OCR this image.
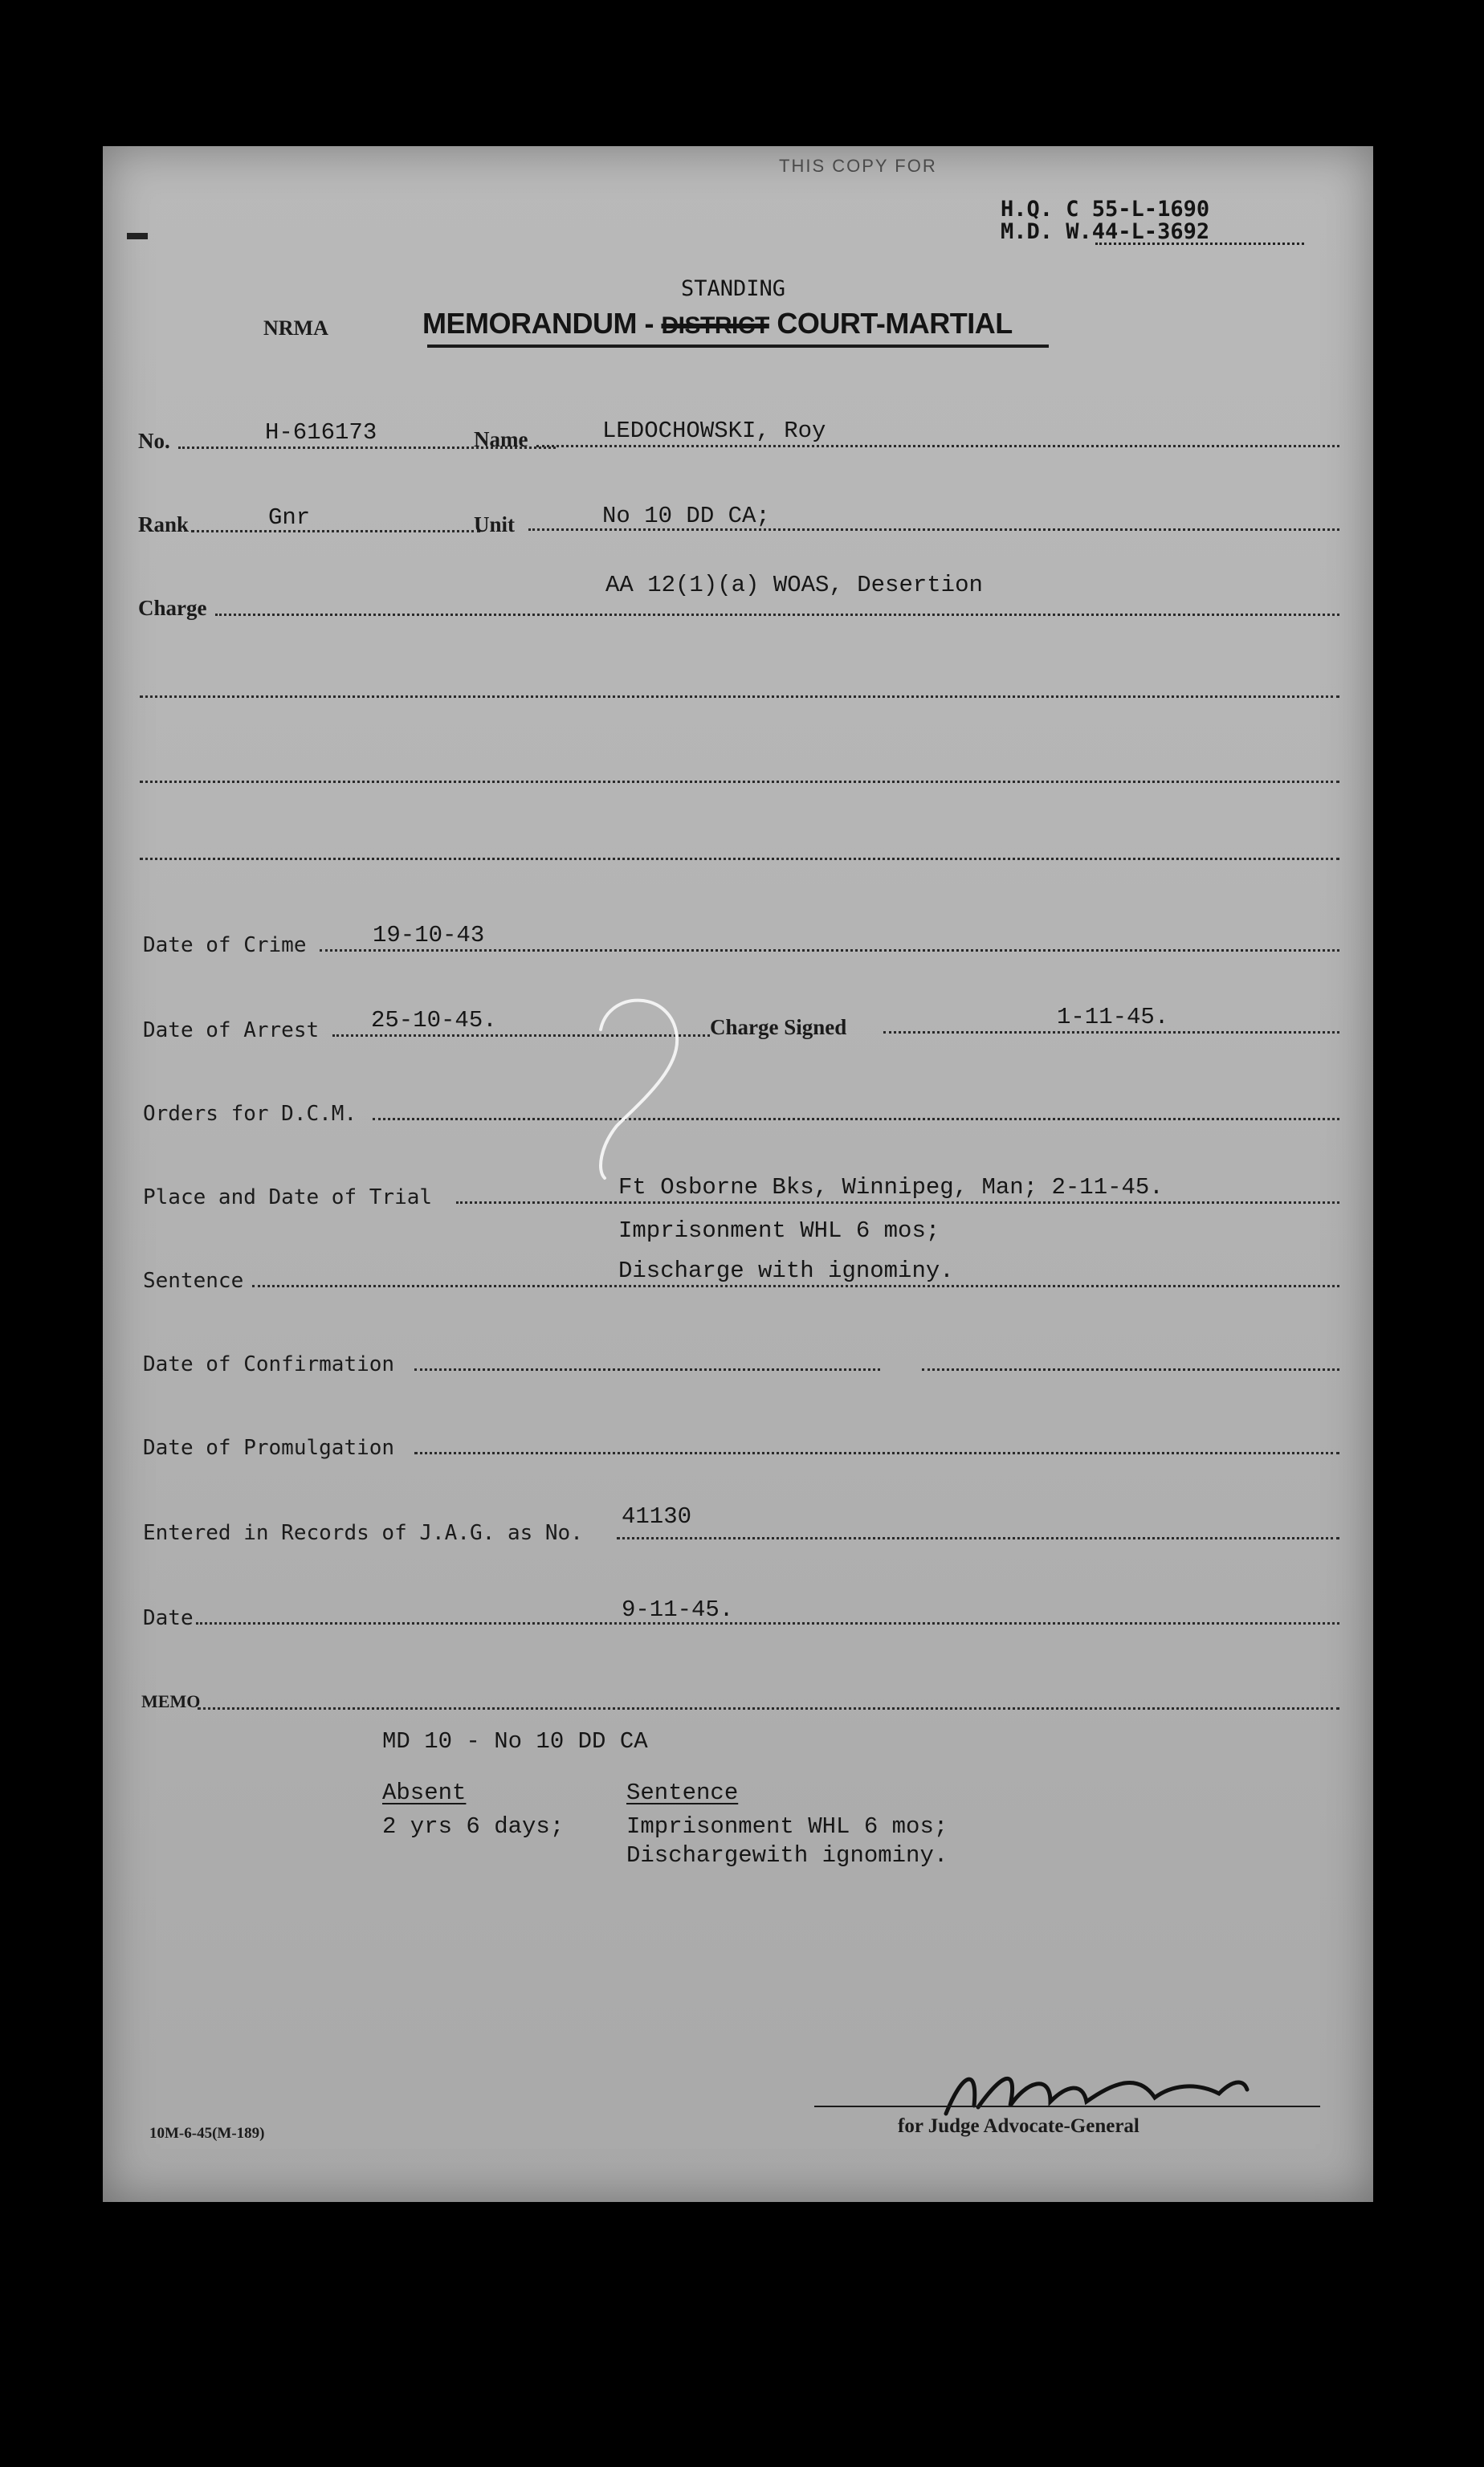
THIS COPY FOR
H.Q. C 55-L-1690
M.D. W.44-L-3692
NRMA
STANDING
MEMORANDUM - DISTRICT COURT-MARTIAL
No.	H-616173	Name	LEDOCHOWSKI, Roy
Rank	Gnr	Unit	No 10 DD CA;
Charge
AA 12(1)(a) WOAS, Desertion
Date of Crime	19-10-43
Date of Arrest 25-10-45.	Charge Signed	1-11-45.
Orders for D.C.M.
Place and Date of Trial	Ft Osborne Bks, Winnipeg, Man; 2-11-45.
Imprisonment WHL 6 mos;
Sentence	Discharge with ignominy.
Date of Confirmation
Date of Promulgation
Entered in Records of J.A.G. as No.
41130
Date	9-11-45.
MEMO
MD 10 - No 10 DD CA
Absent	Sentence
2 yrs 6 days;	Imprisonment WHL 6 mos;
Dischargewith ignominy.
for Judge Advocate-General
10M-6-45(M-189)
